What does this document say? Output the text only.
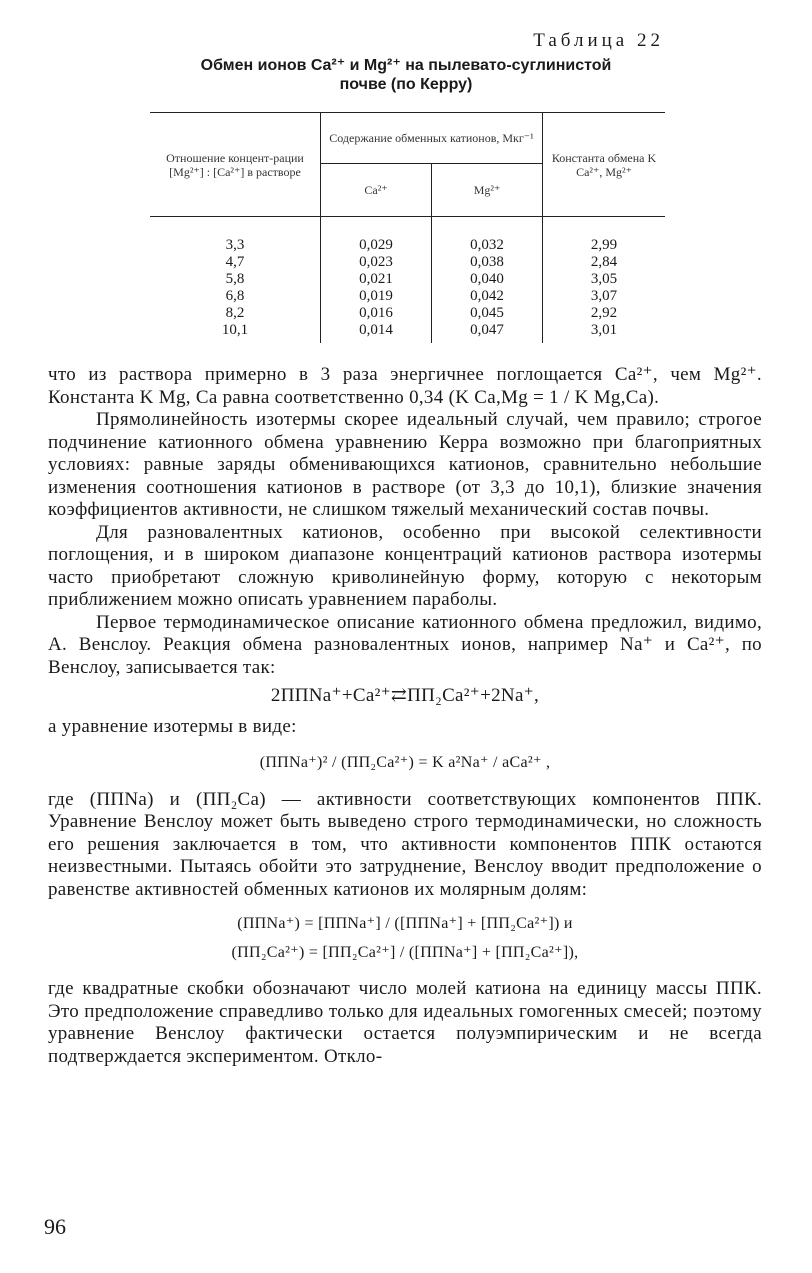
Таблица 22
Обмен ионов Ca²⁺ и Mg²⁺ на пылевато-суглинистой
почве (по Керру)
Отношение концент-рации [Mg²⁺] : [Ca²⁺] в растворе	Содержание обменных катионов, Мкг⁻¹		Константа обмена K Ca²⁺, Mg²⁺
	Ca²⁺	Mg²⁺	
3,3	0,029	0,032	2,99
4,7	0,023	0,038	2,84
5,8	0,021	0,040	3,05
6,8	0,019	0,042	3,07
8,2	0,016	0,045	2,92
10,1	0,014	0,047	3,01

что из раствора примерно в 3 раза энергичнее поглощается Ca²⁺, чем Mg²⁺. Константа K Mg, Ca равна соответственно 0,34 (K Ca,Mg = 1 / K Mg,Ca).

Прямолинейность изотермы скорее идеальный случай, чем правило; строгое подчинение катионного обмена уравнению Керра возможно при благоприятных условиях: равные заряды обменивающихся катионов, сравнительно небольшие изменения соотношения катионов в растворе (от 3,3 до 10,1), близкие значения коэффициентов активности, не слишком тяжелый механический состав почвы.

Для разновалентных катионов, особенно при высокой селективности поглощения, и в широком диапазоне концентраций катионов раствора изотермы часто приобретают сложную криволинейную форму, которую с некоторым приближением можно описать уравнением параболы.

Первое термодинамическое описание катионного обмена предложил, видимо, А. Венслоу. Реакция обмена разновалентных ионов, например Na⁺ и Ca²⁺, по Венслоу, записывается так:

2ППNa⁺+Ca²⁺⇄ПП₂Ca²⁺+2Na⁺,

а уравнение изотермы в виде:

(ППNa⁺)² / (ПП₂Ca²⁺) = K a²Na⁺ / aCa²⁺ ,

где (ППNa) и (ПП₂Ca) — активности соответствующих компонентов ППК. Уравнение Венслоу может быть выведено строго термодинамически, но сложность его решения заключается в том, что активности компонентов ППК остаются неизвестными. Пытаясь обойти это затруднение, Венслоу вводит предположение о равенстве активностей обменных катионов их молярным долям:

(ППNa⁺) = [ППNa⁺] / ([ППNa⁺] + [ПП₂Ca²⁺]) и
(ПП₂Ca²⁺) = [ПП₂Ca²⁺] / ([ППNa⁺] + [ПП₂Ca²⁺]),

где квадратные скобки обозначают число молей катиона на единицу массы ППК. Это предположение справедливо только для идеальных гомогенных смесей; поэтому уравнение Венслоу фактически остается полуэмпирическим и не всегда подтверждается экспериментом. Откло-

96
